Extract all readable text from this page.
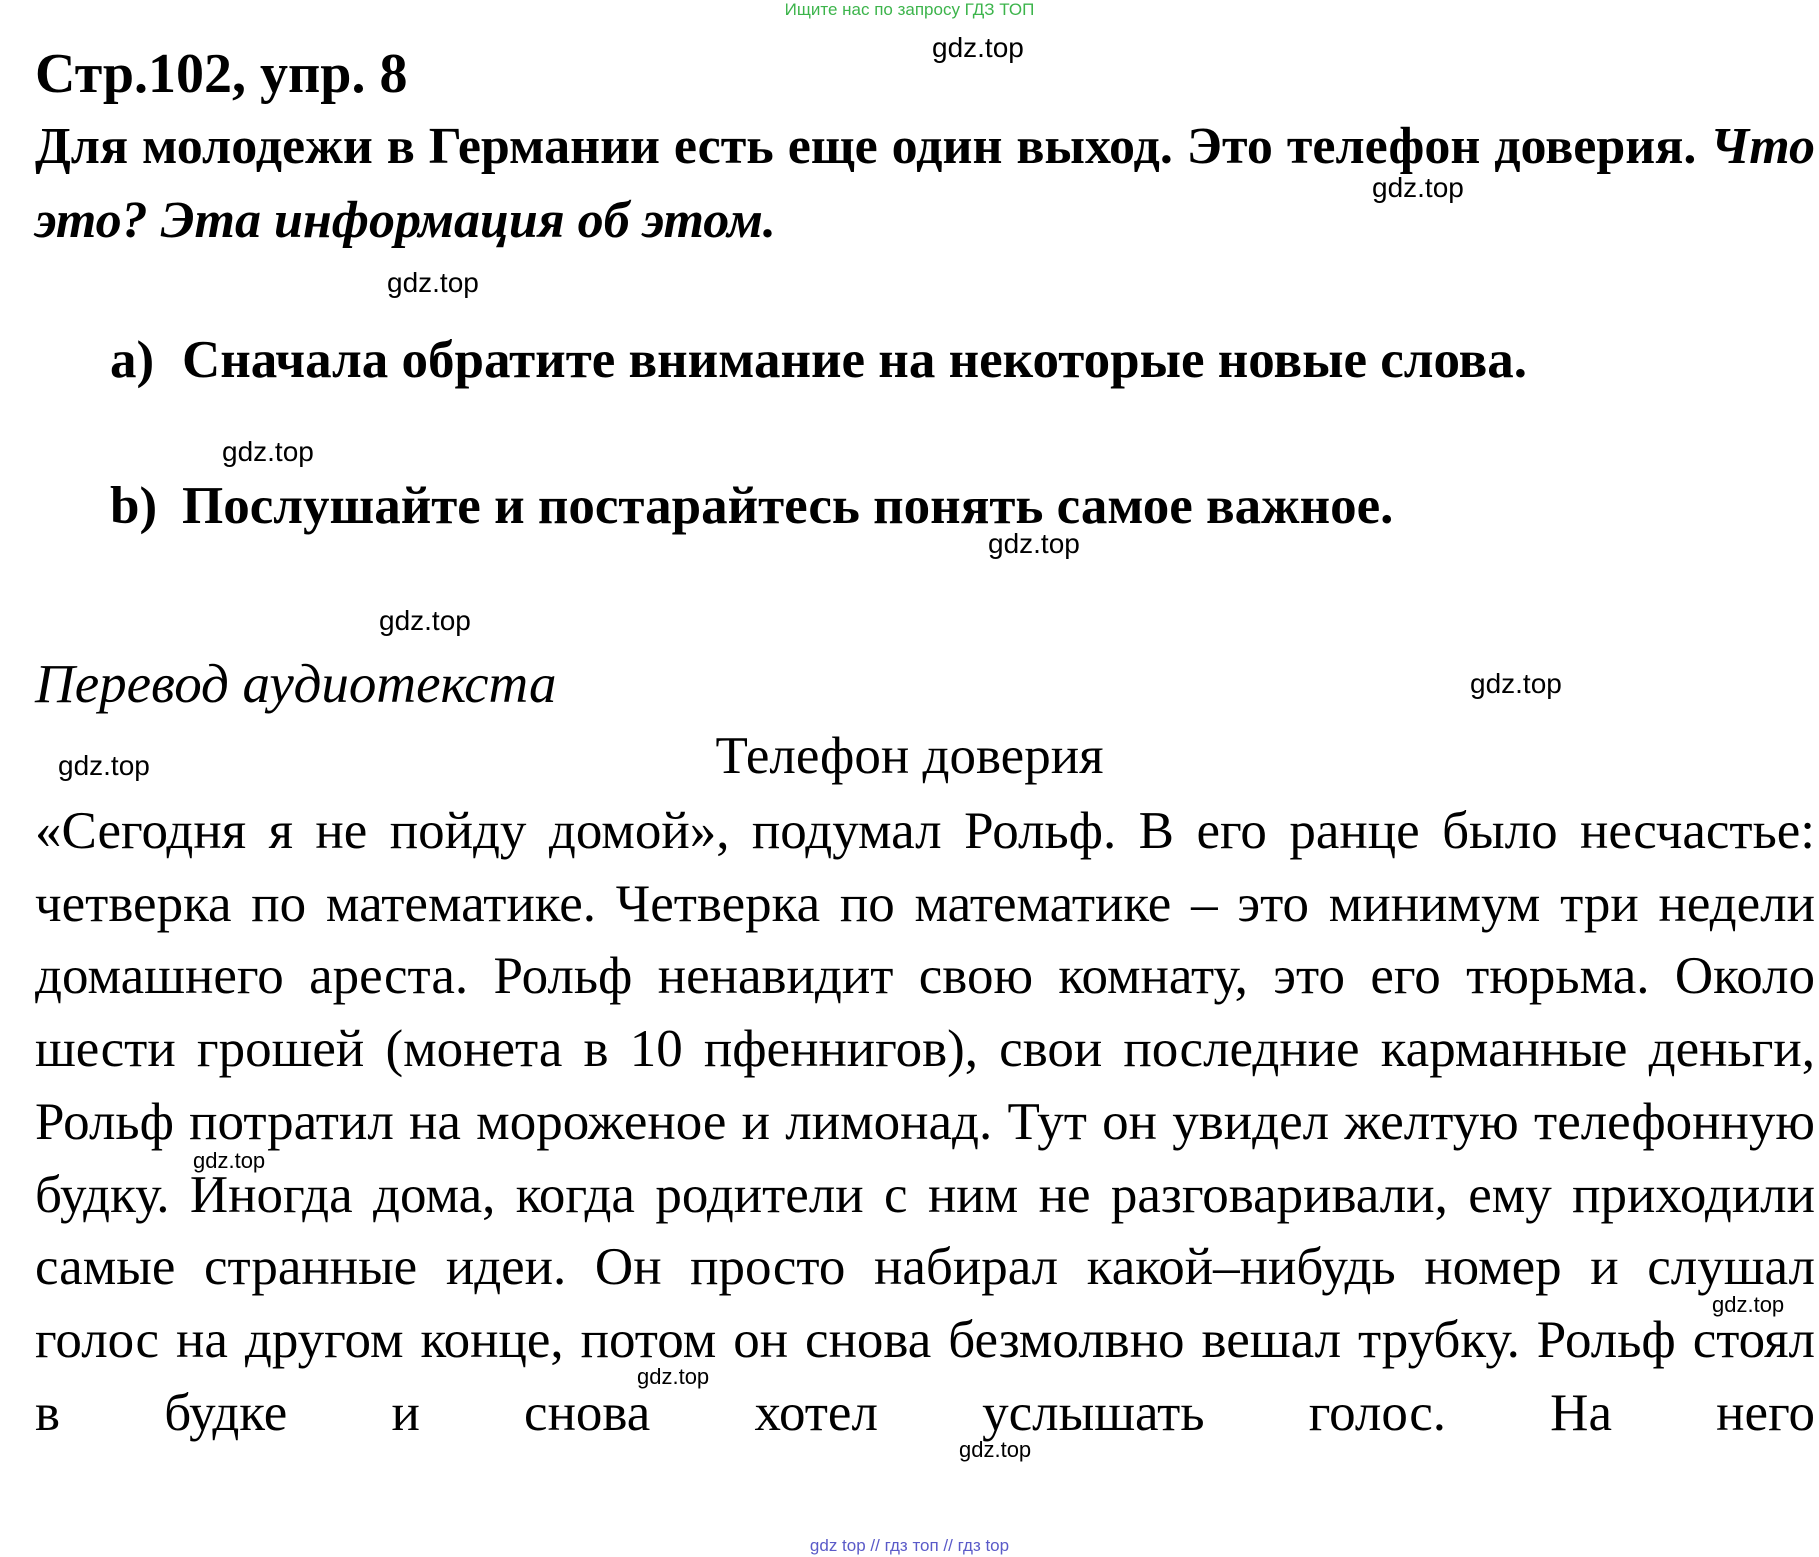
Ищите нас по запросу ГДЗ ТОП
Стр.102, упр. 8
Для молодежи в Германии есть еще один выход. Это телефон доверия. Что это? Эта информация об этом.
a) Сначала обратите внимание на некоторые новые слова.
b) Послушайте и постарайтесь понять самое важное.
Перевод аудиотекста
Телефон доверия
«Сегодня я не пойду домой», подумал Рольф. В его ранце было несчастье: четверка по математике. Четверка по математике – это минимум три недели домашнего ареста. Рольф ненавидит свою комнату, это его тюрьма. Около шести грошей (монета в 10 пфеннигов), свои последние карманные деньги, Рольф потратил на мороженое и лимонад. Тут он увидел желтую телефонную будку. Иногда дома, когда родители с ним не разговаривали, ему приходили самые странные идеи. Он просто набирал какой–нибудь номер и слушал голос на другом конце, потом он снова безмолвно вешал трубку. Рольф стоял в будке и снова хотел услышать голос. На него
gdz.top
gdz.top
gdz.top
gdz.top
gdz.top
gdz.top
gdz.top
gdz.top
gdz.top
gdz.top
gdz.top
gdz.top
gdz top // гдз топ // гдз top
